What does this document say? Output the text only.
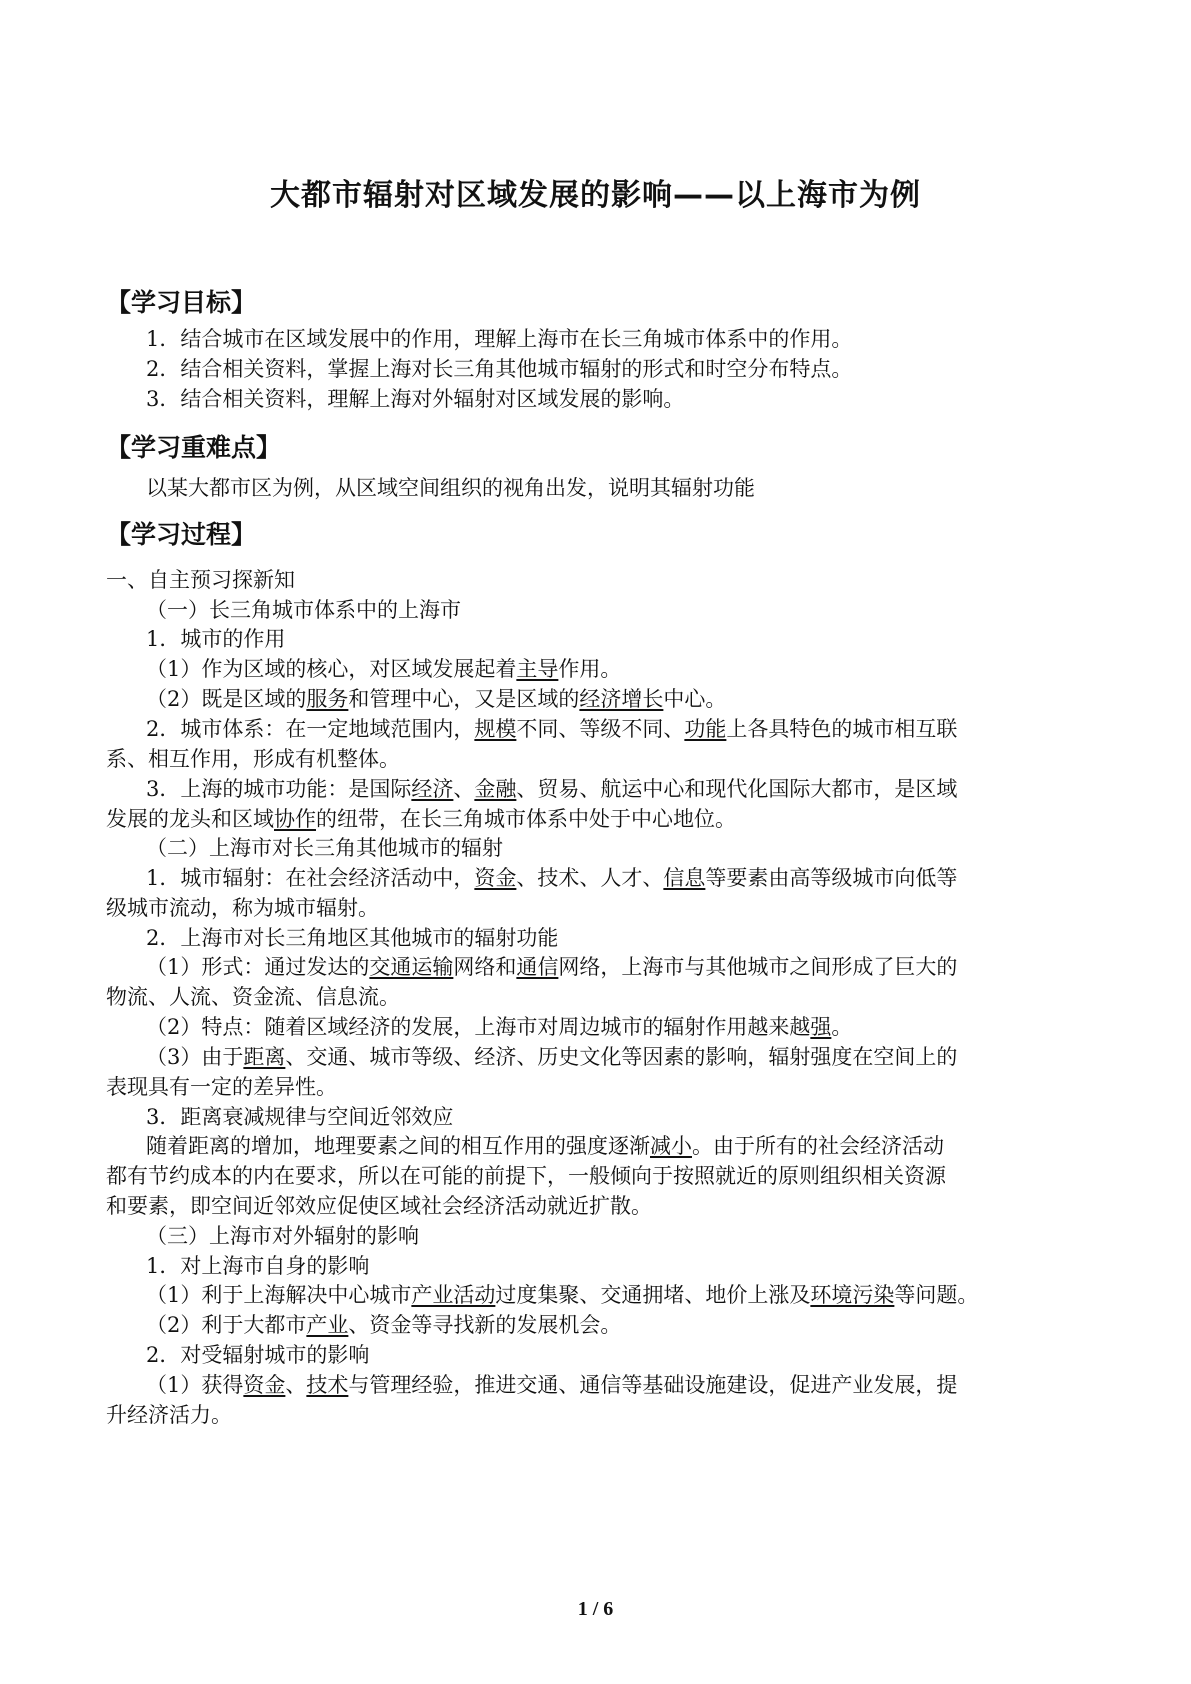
大都市辐射对区域发展的影响——以上海市为例
【学习目标】
1．结合城市在区域发展中的作用，理解上海市在长三角城市体系中的作用。
2．结合相关资料，掌握上海对长三角其他城市辐射的形式和时空分布特点。
3．结合相关资料，理解上海对外辐射对区域发展的影响。
【学习重难点】
以某大都市区为例，从区域空间组织的视角出发，说明其辐射功能
【学习过程】
一、自主预习探新知
（一）长三角城市体系中的上海市
1．城市的作用
（1）作为区域的核心，对区域发展起着主导作用。
（2）既是区域的服务和管理中心，又是区域的经济增长中心。
2．城市体系：在一定地域范围内，规模不同、等级不同、功能上各具特色的城市相互联
系、相互作用，形成有机整体。
3．上海的城市功能：是国际经济、金融、贸易、航运中心和现代化国际大都市，是区域
发展的龙头和区域协作的纽带，在长三角城市体系中处于中心地位。
（二）上海市对长三角其他城市的辐射
1．城市辐射：在社会经济活动中，资金、技术、人才、信息等要素由高等级城市向低等
级城市流动，称为城市辐射。
2．上海市对长三角地区其他城市的辐射功能
（1）形式：通过发达的交通运输网络和通信网络，上海市与其他城市之间形成了巨大的
物流、人流、资金流、信息流。
（2）特点：随着区域经济的发展，上海市对周边城市的辐射作用越来越强。
（3）由于距离、交通、城市等级、经济、历史文化等因素的影响，辐射强度在空间上的
表现具有一定的差异性。
3．距离衰减规律与空间近邻效应
随着距离的增加，地理要素之间的相互作用的强度逐渐减小。由于所有的社会经济活动
都有节约成本的内在要求，所以在可能的前提下，一般倾向于按照就近的原则组织相关资源
和要素，即空间近邻效应促使区域社会经济活动就近扩散。
（三）上海市对外辐射的影响
1．对上海市自身的影响
（1）利于上海解决中心城市产业活动过度集聚、交通拥堵、地价上涨及环境污染等问题。
（2）利于大都市产业、资金等寻找新的发展机会。
2．对受辐射城市的影响
（1）获得资金、技术与管理经验，推进交通、通信等基础设施建设，促进产业发展，提
升经济活力。
1 / 6
